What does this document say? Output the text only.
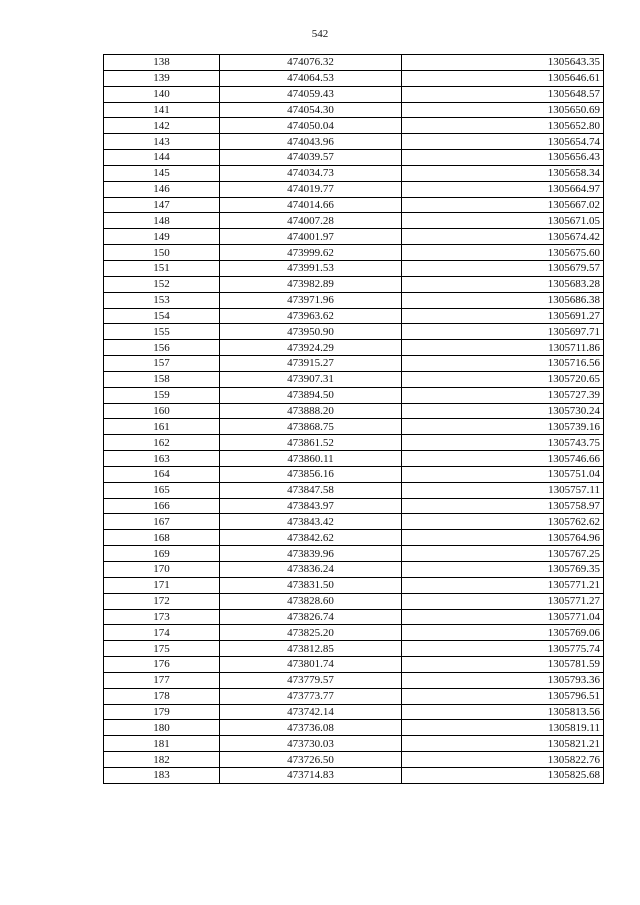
542
138	474076.32	1305643.35
139	474064.53	1305646.61
140	474059.43	1305648.57
141	474054.30	1305650.69
142	474050.04	1305652.80
143	474043.96	1305654.74
144	474039.57	1305656.43
145	474034.73	1305658.34
146	474019.77	1305664.97
147	474014.66	1305667.02
148	474007.28	1305671.05
149	474001.97	1305674.42
150	473999.62	1305675.60
151	473991.53	1305679.57
152	473982.89	1305683.28
153	473971.96	1305686.38
154	473963.62	1305691.27
155	473950.90	1305697.71
156	473924.29	1305711.86
157	473915.27	1305716.56
158	473907.31	1305720.65
159	473894.50	1305727.39
160	473888.20	1305730.24
161	473868.75	1305739.16
162	473861.52	1305743.75
163	473860.11	1305746.66
164	473856.16	1305751.04
165	473847.58	1305757.11
166	473843.97	1305758.97
167	473843.42	1305762.62
168	473842.62	1305764.96
169	473839.96	1305767.25
170	473836.24	1305769.35
171	473831.50	1305771.21
172	473828.60	1305771.27
173	473826.74	1305771.04
174	473825.20	1305769.06
175	473812.85	1305775.74
176	473801.74	1305781.59
177	473779.57	1305793.36
178	473773.77	1305796.51
179	473742.14	1305813.56
180	473736.08	1305819.11
181	473730.03	1305821.21
182	473726.50	1305822.76
183	473714.83	1305825.68
